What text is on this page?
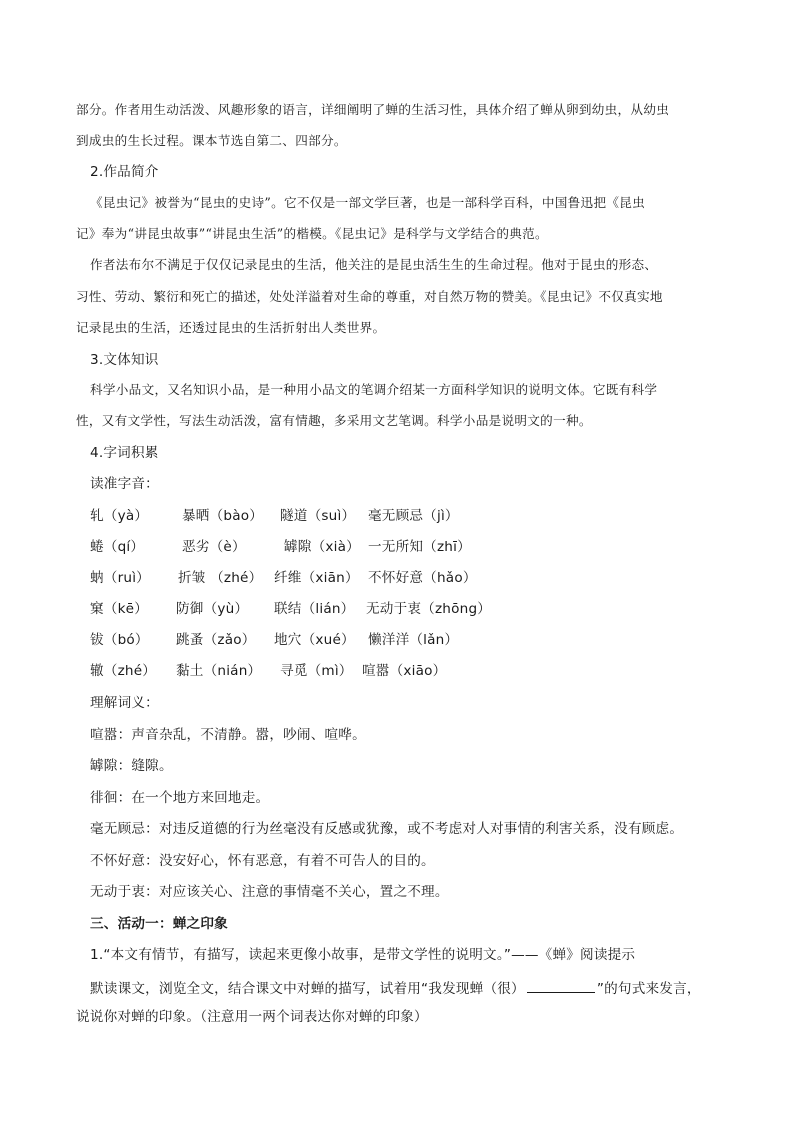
部分。作者用生动活泼、风趣形象的语言，详细阐明了蝉的生活习性，具体介绍了蝉从卵到幼虫，从幼虫
到成虫的生长过程。课本节选自第二、四部分。
2.作品简介
《昆虫记》被誉为“昆虫的史诗”。它不仅是一部文学巨著，也是一部科学百科，中国鲁迅把《昆虫
记》奉为“讲昆虫故事”“讲昆虫生活”的楷模。《昆虫记》是科学与文学结合的典范。
作者法布尔不满足于仅仅记录昆虫的生活，他关注的是昆虫活生生的生命过程。他对于昆虫的形态、
习性、劳动、繁衍和死亡的描述，处处洋溢着对生命的尊重，对自然万物的赞美。《昆虫记》不仅真实地
记录昆虫的生活，还透过昆虫的生活折射出人类世界。
3.文体知识
科学小品文，又名知识小品，是一种用小品文的笔调介绍某一方面科学知识的说明文体。它既有科学
性，又有文学性，写法生动活泼，富有情趣，多采用文艺笔调。科学小品是说明文的一种。
4.字词积累
读准字音：
轧（yà） 暴晒（bào） 隧道（suì） 毫无顾忌（jì）
蜷（qí）	恶劣（è）	罅隙（xià） 一无所知（zhī）
蚋（ruì） 折皱 （zhé） 纤维（xiān） 不怀好意（hǎo）
窠（kē） 防御（yù） 联结（lián） 无动于衷（zhōng）
钹（bó） 跳蚤（zǎo） 地穴（xué） 懒洋洋（lǎn）
辙（zhé） 黏土（nián） 寻觅（mì） 喧嚣（xiāo）
理解词义：
喧嚣：声音杂乱，不清静。嚣，吵闹、喧哗。
罅隙：缝隙。
徘徊：在一个地方来回地走。
毫无顾忌：对违反道德的行为丝毫没有反感或犹豫，或不考虑对人对事情的利害关系，没有顾虑。
不怀好意：没安好心，怀有恶意，有着不可告人的目的。
无动于衷：对应该关心、注意的事情毫不关心，置之不理。
三、活动一：蝉之印象
1.“本文有情节，有描写，读起来更像小故事，是带文学性的说明文。”——《蝉》阅读提示
默读课文，浏览全文，结合课文中对蝉的描写，试着用“我发现蝉（很）	”的句式来发言，
说说你对蝉的印象。（注意用一两个词表达你对蝉的印象）
